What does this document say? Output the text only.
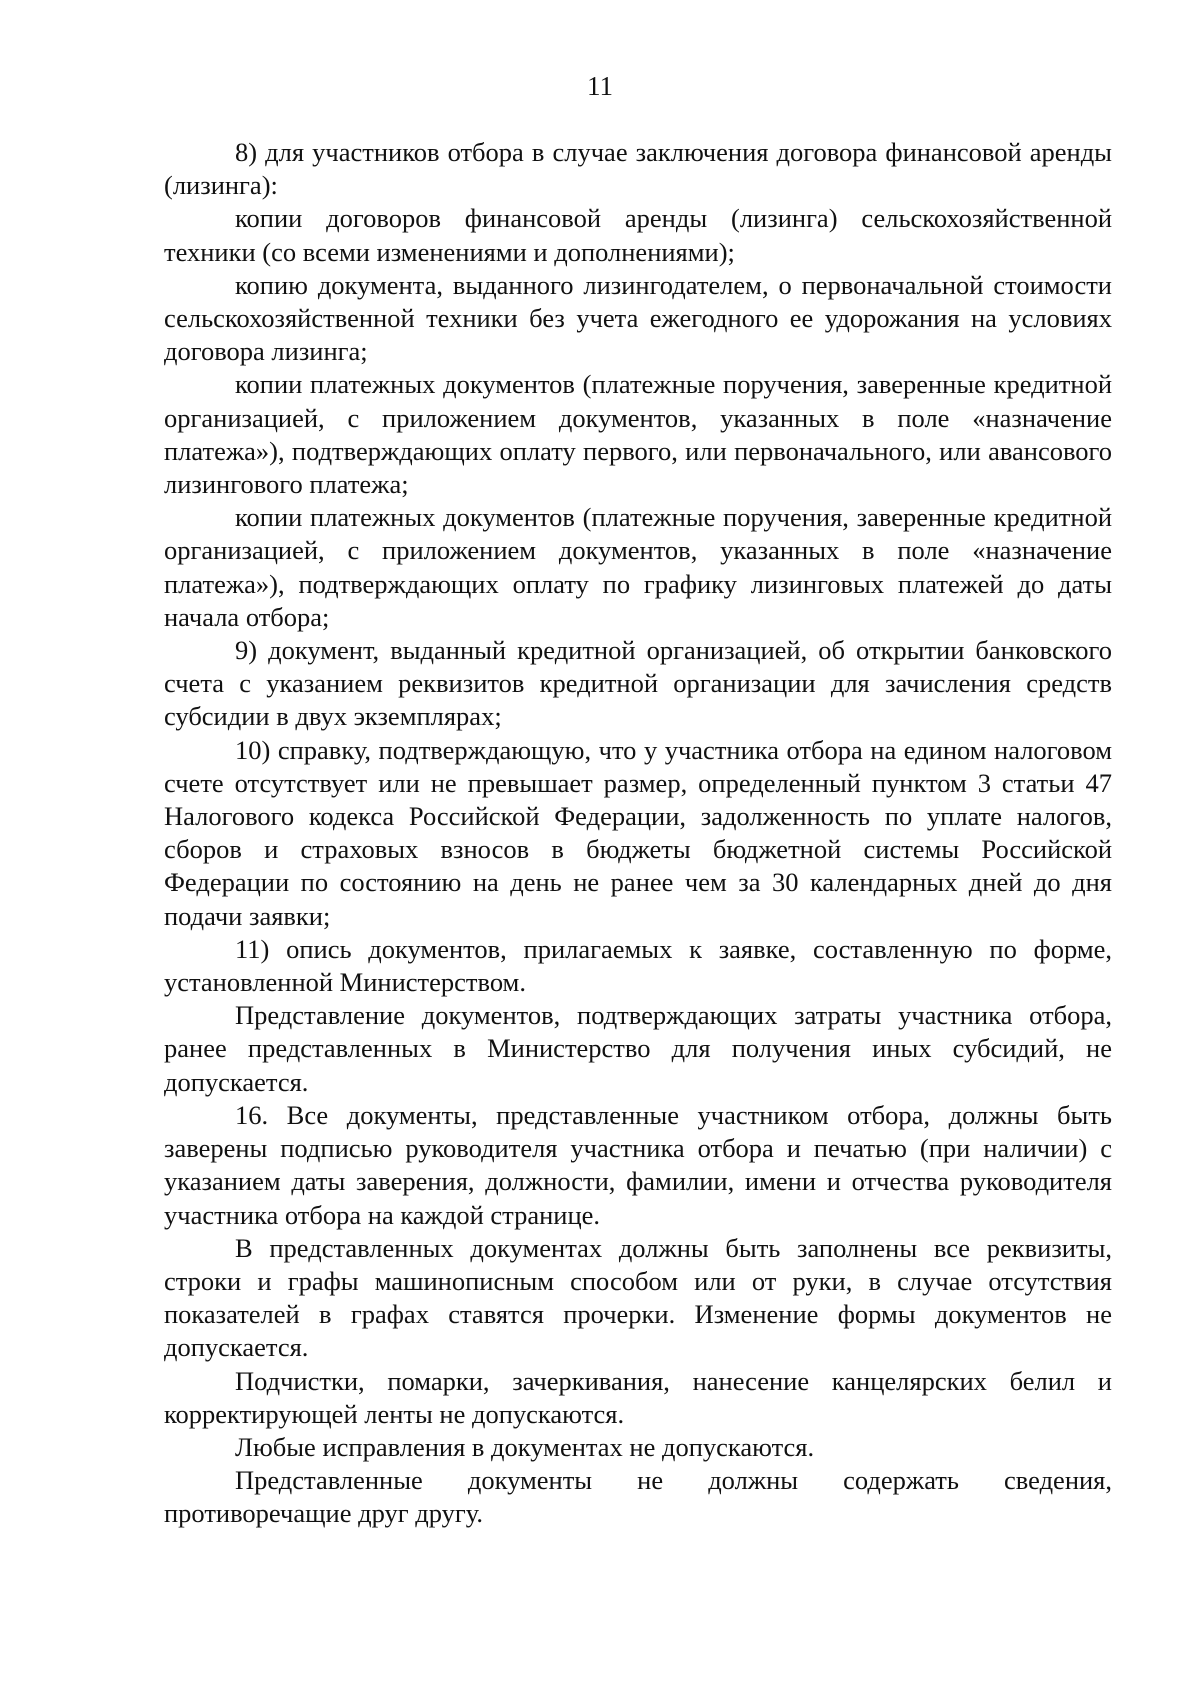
11

8) для участников отбора в случае заключения договора финансовой аренды (лизинга):

копии договоров финансовой аренды (лизинга) сельскохозяйственной техники (со всеми изменениями и дополнениями);

копию документа, выданного лизингодателем, о первоначальной стоимости сельскохозяйственной техники без учета ежегодного ее удорожания на условиях договора лизинга;

копии платежных документов (платежные поручения, заверенные кредитной организацией, с приложением документов, указанных в поле «назначение платежа»), подтверждающих оплату первого, или первоначального, или авансового лизингового платежа;

копии платежных документов (платежные поручения, заверенные кредитной организацией, с приложением документов, указанных в поле «назначение платежа»), подтверждающих оплату по графику лизинговых платежей до даты начала отбора;

9) документ, выданный кредитной организацией, об открытии банковского счета с указанием реквизитов кредитной организации для зачисления средств субсидии в двух экземплярах;

10) справку, подтверждающую, что у участника отбора на едином налоговом счете отсутствует или не превышает размер, определенный пунктом 3 статьи 47 Налогового кодекса Российской Федерации, задолженность по уплате налогов, сборов и страховых взносов в бюджеты бюджетной системы Российской Федерации по состоянию на день не ранее чем за 30 календарных дней до дня подачи заявки;

11) опись документов, прилагаемых к заявке, составленную по форме, установленной Министерством.

Представление документов, подтверждающих затраты участника отбора, ранее представленных в Министерство для получения иных субсидий, не допускается.

16. Все документы, представленные участником отбора, должны быть заверены подписью руководителя участника отбора и печатью (при наличии) с указанием даты заверения, должности, фамилии, имени и отчества руководителя участника отбора на каждой странице.

В представленных документах должны быть заполнены все реквизиты, строки и графы машинописным способом или от руки, в случае отсутствия показателей в графах ставятся прочерки. Изменение формы документов не допускается.

Подчистки, помарки, зачеркивания, нанесение канцелярских белил и корректирующей ленты не допускаются.

Любые исправления в документах не допускаются.

Представленные документы не должны содержать сведения, противоречащие друг другу.
